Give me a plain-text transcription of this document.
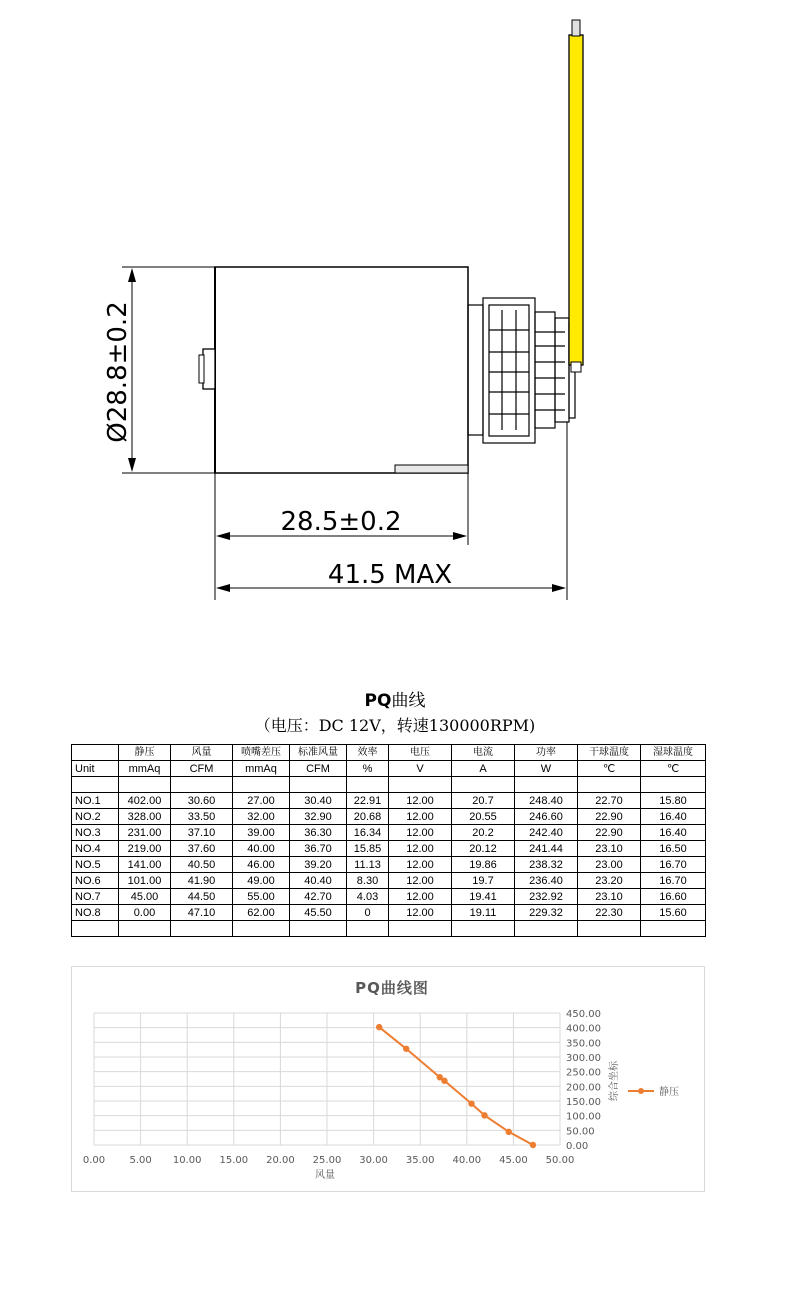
Ø28.8±0.2
28.5±0.2
41.5 MAX
PQ曲线
（电压：DC 12V，转速130000RPM)
	静压	风量	喷嘴差压	标准风量	效率	电压	电流	功率	干球温度	湿球温度
Unit	mmAq	CFM	mmAq	CFM	%	V	A	W	℃	℃

NO.1	402.00	30.60	27.00	30.40	22.91	12.00	20.7	248.40	22.70	15.80
NO.2	328.00	33.50	32.00	32.90	20.68	12.00	20.55	246.60	22.90	16.40
NO.3	231.00	37.10	39.00	36.30	16.34	12.00	20.2	242.40	22.90	16.40
NO.4	219.00	37.60	40.00	36.70	15.85	12.00	20.12	241.44	23.10	16.50
NO.5	141.00	40.50	46.00	39.20	11.13	12.00	19.86	238.32	23.00	16.70
NO.6	101.00	41.90	49.00	40.40	8.30	12.00	19.7	236.40	23.20	16.70
NO.7	45.00	44.50	55.00	42.70	4.03	12.00	19.41	232.92	23.10	16.60
NO.8	0.00	47.10	62.00	45.50	0	12.00	19.11	229.32	22.30	15.60

PQ曲线图
0.00
50.00
100.00
150.00
200.00
250.00
300.00
350.00
400.00
450.00
0.00 5.00 10.00 15.00 20.00 25.00 30.00 35.00 40.00 45.00 50.00
风量
综合坐标	静压
